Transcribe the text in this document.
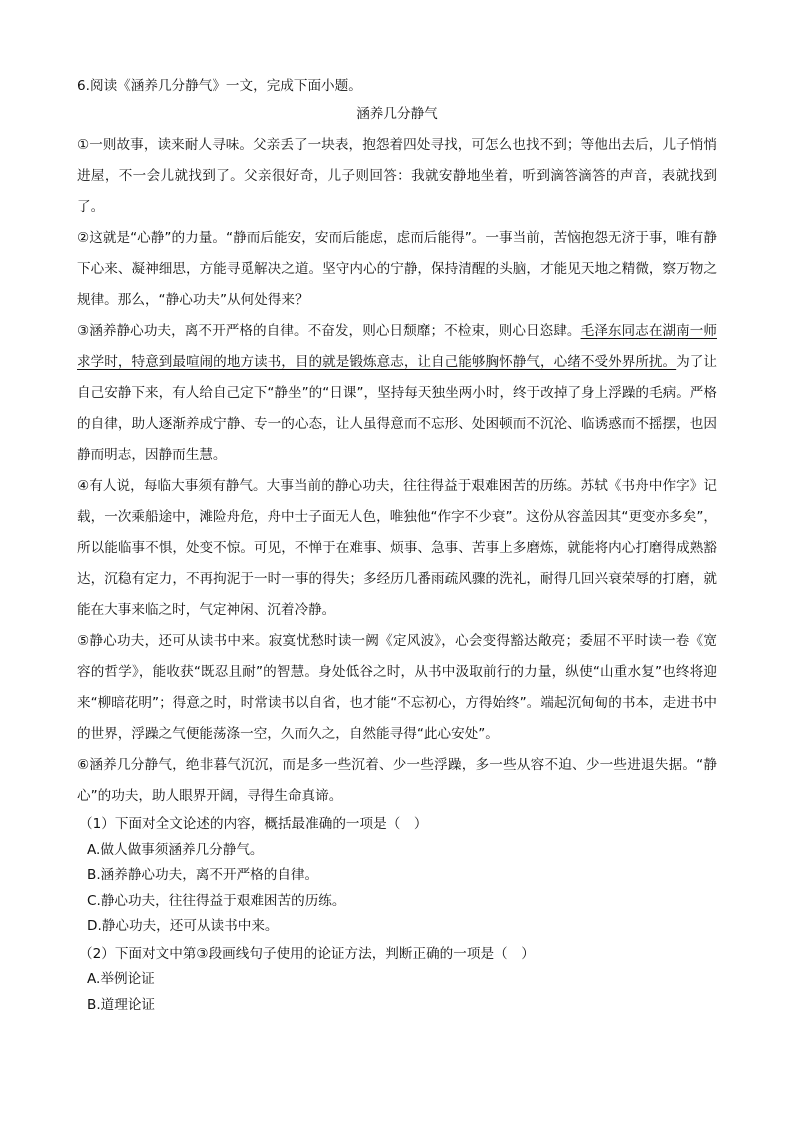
6.阅读《涵养几分静气》一文，完成下面小题。

涵养几分静气

①一则故事，读来耐人寻味。父亲丢了一块表，抱怨着四处寻找，可怎么也找不到；等他出去后，儿子悄悄进屋，不一会儿就找到了。父亲很好奇，儿子则回答：我就安静地坐着，听到滴答滴答的声音，表就找到了。

②这就是“心静”的力量。“静而后能安，安而后能虑，虑而后能得”。一事当前，苦恼抱怨无济于事，唯有静下心来、凝神细思，方能寻觅解决之道。坚守内心的宁静，保持清醒的头脑，才能见天地之精微，察万物之规律。那么，“静心功夫”从何处得来？

③涵养静心功夫，离不开严格的自律。不奋发，则心日颓靡；不检束，则心日恣肆。毛泽东同志在湖南一师求学时，特意到最喧闹的地方读书，目的就是锻炼意志，让自己能够胸怀静气，心绪不受外界所扰。为了让自己安静下来，有人给自己定下“静坐”的“日课”，坚持每天独坐两小时，终于改掉了身上浮躁的毛病。严格的自律，助人逐渐养成宁静、专一的心态，让人虽得意而不忘形、处困顿而不沉沦、临诱惑而不摇摆，也因静而明志，因静而生慧。

④有人说，每临大事须有静气。大事当前的静心功夫，往往得益于艰难困苦的历练。苏轼《书舟中作字》记载，一次乘船途中，滩险舟危，舟中士子面无人色，唯独他“作字不少衰”。这份从容盖因其“更变亦多矣”，所以能临事不惧，处变不惊。可见，不惮于在难事、烦事、急事、苦事上多磨炼，就能将内心打磨得成熟豁达，沉稳有定力，不再拘泥于一时一事的得失；多经历几番雨疏风骤的洗礼，耐得几回兴衰荣辱的打磨，就能在大事来临之时，气定神闲、沉着冷静。

⑤静心功夫，还可从读书中来。寂寞忧愁时读一阙《定风波》，心会变得豁达敞亮；委屈不平时读一卷《宽容的哲学》，能收获“既忍且耐”的智慧。身处低谷之时，从书中汲取前行的力量，纵使“山重水复”也终将迎来“柳暗花明”；得意之时，时常读书以自省，也才能“不忘初心，方得始终”。端起沉甸甸的书本，走进书中的世界，浮躁之气便能荡涤一空，久而久之，自然能寻得“此心安处”。

⑥涵养几分静气，绝非暮气沉沉，而是多一些沉着、少一些浮躁，多一些从容不迫、少一些进退失据。“静心”的功夫，助人眼界开阔，寻得生命真谛。

（1）下面对全文论述的内容，概括最准确的一项是（　）

A.做人做事须涵养几分静气。

B.涵养静心功夫，离不开严格的自律。

C.静心功夫，往往得益于艰难困苦的历练。

D.静心功夫，还可从读书中来。

（2）下面对文中第③段画线句子使用的论证方法，判断正确的一项是（　）

A.举例论证

B.道理论证
